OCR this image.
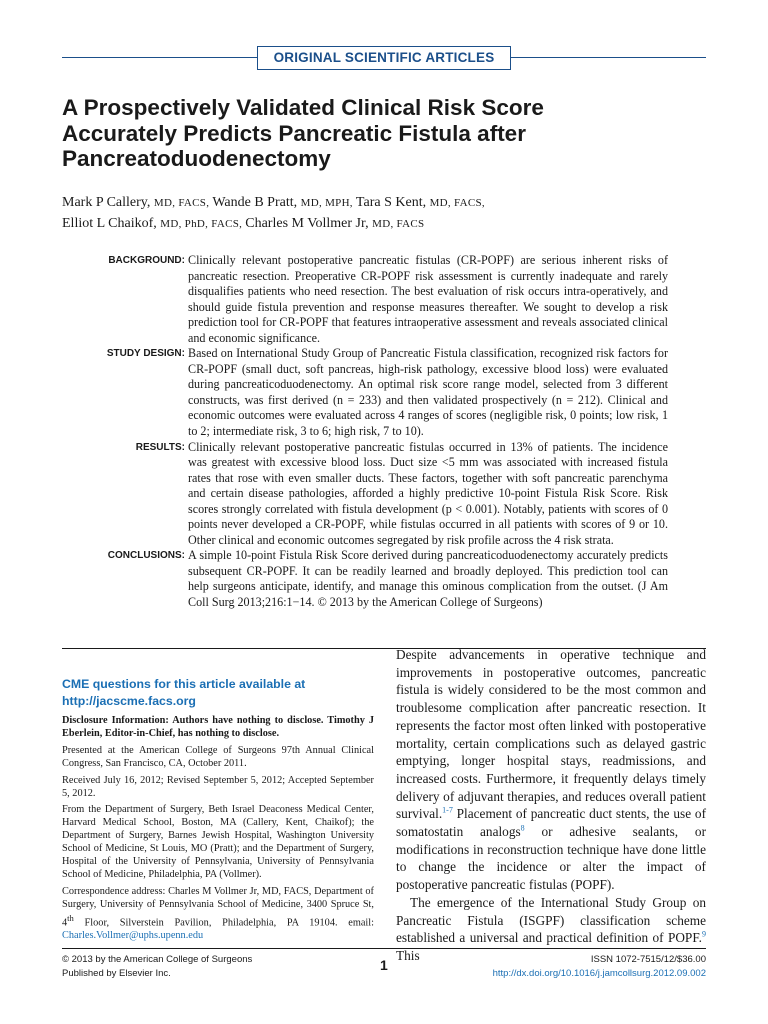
ORIGINAL SCIENTIFIC ARTICLES
A Prospectively Validated Clinical Risk Score Accurately Predicts Pancreatic Fistula after Pancreatoduodenectomy
Mark P Callery, MD, FACS, Wande B Pratt, MD, MPH, Tara S Kent, MD, FACS,
Elliot L Chaikof, MD, PhD, FACS, Charles M Vollmer Jr, MD, FACS
BACKGROUND: Clinically relevant postoperative pancreatic fistulas (CR-POPF) are serious inherent risks of pancreatic resection. Preoperative CR-POPF risk assessment is currently inadequate and rarely disqualifies patients who need resection. The best evaluation of risk occurs intra-operatively, and should guide fistula prevention and response measures thereafter. We sought to develop a risk prediction tool for CR-POPF that features intraoperative assessment and reveals associated clinical and economic significance.
STUDY DESIGN: Based on International Study Group of Pancreatic Fistula classification, recognized risk factors for CR-POPF (small duct, soft pancreas, high-risk pathology, excessive blood loss) were evaluated during pancreaticoduodenectomy. An optimal risk score range model, selected from 3 different constructs, was first derived (n = 233) and then validated prospectively (n = 212). Clinical and economic outcomes were evaluated across 4 ranges of scores (negligible risk, 0 points; low risk, 1 to 2; intermediate risk, 3 to 6; high risk, 7 to 10).
RESULTS: Clinically relevant postoperative pancreatic fistulas occurred in 13% of patients. The incidence was greatest with excessive blood loss. Duct size <5 mm was associated with increased fistula rates that rose with even smaller ducts. These factors, together with soft pancreatic parenchyma and certain disease pathologies, afforded a highly predictive 10-point Fistula Risk Score. Risk scores strongly correlated with fistula development (p < 0.001). Notably, patients with scores of 0 points never developed a CR-POPF, while fistulas occurred in all patients with scores of 9 or 10. Other clinical and economic outcomes segregated by risk profile across the 4 risk strata.
CONCLUSIONS: A simple 10-point Fistula Risk Score derived during pancreaticoduodenectomy accurately predicts subsequent CR-POPF. It can be readily learned and broadly deployed. This prediction tool can help surgeons anticipate, identify, and manage this ominous complication from the outset. (J Am Coll Surg 2013;216:1−14. © 2013 by the American College of Surgeons)
CME questions for this article available at
http://jacscme.facs.org

Disclosure Information: Authors have nothing to disclose. Timothy J Eberlein, Editor-in-Chief, has nothing to disclose.

Presented at the American College of Surgeons 97th Annual Clinical Congress, San Francisco, CA, October 2011.

Received July 16, 2012; Revised September 5, 2012; Accepted September 5, 2012.

From the Department of Surgery, Beth Israel Deaconess Medical Center, Harvard Medical School, Boston, MA (Callery, Kent, Chaikof); the Department of Surgery, Barnes Jewish Hospital, Washington University School of Medicine, St Louis, MO (Pratt); and the Department of Surgery, Hospital of the University of Pennsylvania, University of Pennsylvania School of Medicine, Philadelphia, PA (Vollmer).

Correspondence address: Charles M Vollmer Jr, MD, FACS, Department of Surgery, University of Pennsylvania School of Medicine, 3400 Spruce St, 4th Floor, Silverstein Pavilion, Philadelphia, PA 19104. email: Charles.Vollmer@uphs.upenn.edu

Despite advancements in operative technique and improvements in postoperative outcomes, pancreatic fistula is widely considered to be the most common and troublesome complication after pancreatic resection. It represents the factor most often linked with postoperative mortality, certain complications such as delayed gastric emptying, longer hospital stays, readmissions, and increased costs. Furthermore, it frequently delays timely delivery of adjuvant therapies, and reduces overall patient survival.$^{1-7}$ Placement of pancreatic duct stents, the use of somatostatin analogs$^8$ or adhesive sealants, or modifications in reconstruction technique have done little to change the incidence or alter the impact of postoperative pancreatic fistulas (POPF).

The emergence of the International Study Group on Pancreatic Fistula (ISGPF) classification scheme established a universal and practical definition of POPF.$^9$ This

© 2013 by the American College of Surgeons
Published by Elsevier Inc.	1	ISSN 1072-7515/12/$36.00
http://dx.doi.org/10.1016/j.jamcollsurg.2012.09.002
